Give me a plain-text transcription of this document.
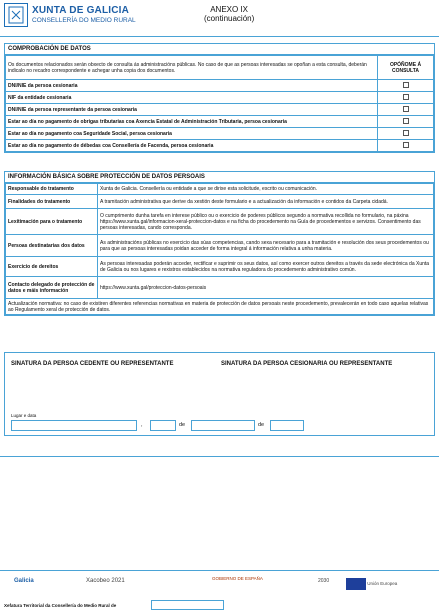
XUNTA DE GALICIA
CONSELLERÍA DO MEDIO RURAL
ANEXO IX
(continuación)
COMPROBACIÓN DE DATOS
Os documentos relacionados serán obxecto de consulta ás administracións públicas. No caso de que as persoas interesadas se opoñan a esta consulta, deberán indicalo no recadro correspondente e achegar unha copia dos documentos.	OPÓÑOME Á CONSULTA
DNI/NIE da persoa cesionaria	
NIF da entidade cesionaria	
DNI/NIE da persoa representante da persoa cesionaria	
Estar ao día no pagamento de obrigas tributarias coa Axencia Estatal de Administración Tributaria, persoa cesionaria	
Estar ao día no pagamento coa Seguridade Social, persoa cesionaria	
Estar ao día no pagamento de débedas coa Consellería de Facenda, persoa cesionaria	
INFORMACIÓN BÁSICA SOBRE PROTECCIÓN DE DATOS PERSOAIS
Responsable do tratamento	Xunta de Galicia. Consellería ou entidade a que se dirixe esta solicitude, escrito ou comunicación.
Finalidades do tratamento	A tramitación administrativa que derive da xestión deste formulario e a actualización da información e contidos da Carpeta cidadá.
Lexitimación para o tratamento	O cumprimento dunha tarefa en interese público ou o exercicio de poderes públicos segundo a normativa recollida no formulario, na páxina https://www.xunta.gal/informacion-xeral-proteccion-datos e na ficha do procedemento na Guía de procedementos e servizos. Consentimento das persoas interesadas, cando corresponda.
Persoas destinatarias dos datos	As administracións públicas no exercicio das súas competencias, cando sexa necesario para a tramitación e resolución dos seus procedementos ou para que as persoas interesadas poidan acceder de forma integral á información relativa a unha materia.
Exercicio de dereitos	As persoas interesadas poderán acceder, rectificar e suprimir os seus datos, así como exercer outros dereitos a través da sede electrónica da Xunta de Galicia ou nos lugares e rexistros establecidos na normativa reguladora do procedemento administrativo común.
Contacto delegado de protección de datos e máis información	https://www.xunta.gal/proteccion-datos-persoais
Actualización normativa: no caso de existiren diferentes referencias normativas en materia de protección de datos persoais neste procedemento, prevalecerán en todo caso aquelas relativas ao Regulamento xeral de protección de datos.	
SINATURA DA PERSOA CEDENTE OU REPRESENTANTE	SINATURA DA PERSOA CESIONARIA OU REPRESENTANTE
Lugar e data
,	de	de
Galicia	Xacobeo 2021	GOBIERNO DE ESPAÑA	2030	Unión Europea
Xefatura Territorial da Consellería do Medio Rural de
